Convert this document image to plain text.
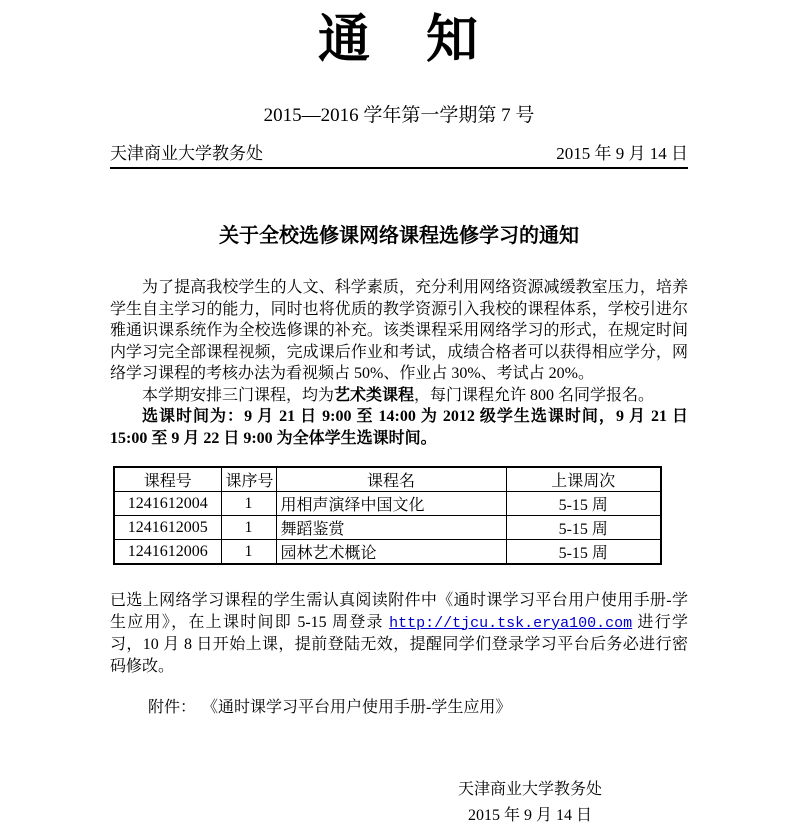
通　知
2015—2016 学年第一学期第 7 号
天津商业大学教务处	2015 年 9 月 14 日
关于全校选修课网络课程选修学习的通知

为了提高我校学生的人文、科学素质，充分利用网络资源减缓教室压力，培养学生自主学习的能力，同时也将优质的教学资源引入我校的课程体系，学校引进尔雅通识课系统作为全校选修课的补充。该类课程采用网络学习的形式，在规定时间内学习完全部课程视频，完成课后作业和考试，成绩合格者可以获得相应学分，网络学习课程的考核办法为看视频占 50%、作业占 30%、考试占 20%。

本学期安排三门课程，均为艺术类课程，每门课程允许 800 名同学报名。

选课时间为：9 月 21 日 9:00 至 14:00 为 2012 级学生选课时间，9 月 21 日 15:00 至 9 月 22 日 9:00 为全体学生选课时间。

课程号	课序号	课程名	上课周次
1241612004	1	用相声演绎中国文化	5-15 周
1241612005	1	舞蹈鉴赏	5-15 周
1241612006	1	园林艺术概论	5-15 周

已选上网络学习课程的学生需认真阅读附件中《通时课学习平台用户使用手册-学生应用》，在上课时间即 5-15 周登录 http://tjcu.tsk.erya100.com 进行学习，10 月 8 日开始上课，提前登陆无效，提醒同学们登录学习平台后务必进行密码修改。

附件： 《通时课学习平台用户使用手册-学生应用》

天津商业大学教务处
2015 年 9 月 14 日
